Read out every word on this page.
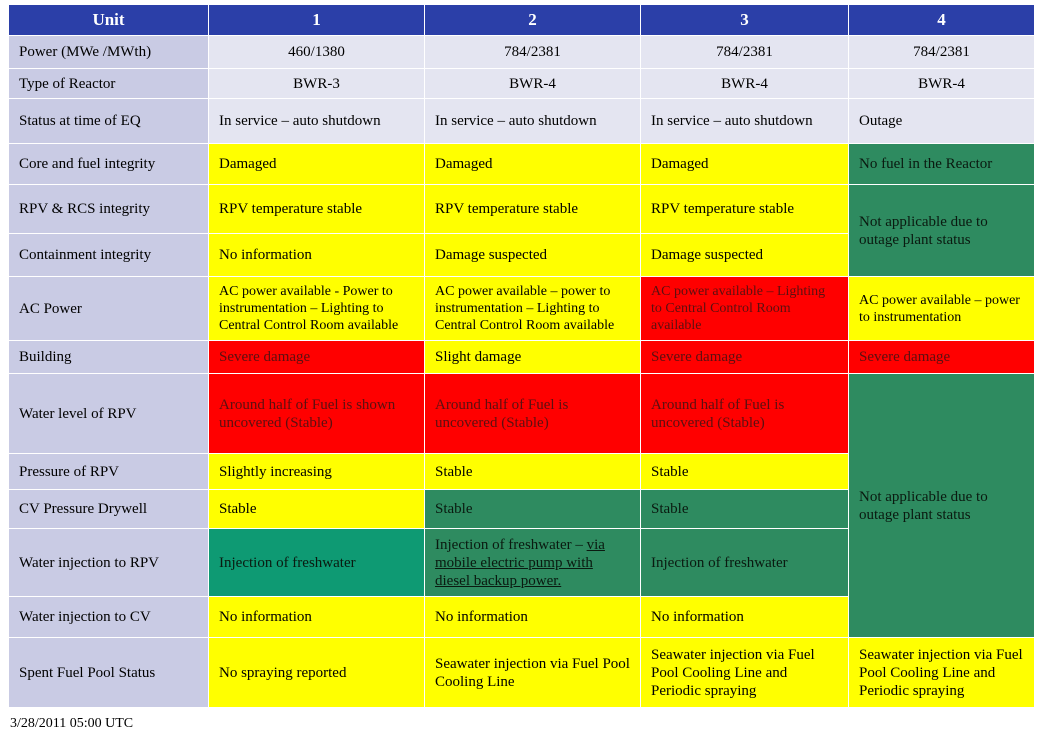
Unit	1	2	3	4
Power (MWe /MWth)	460/1380	784/2381	784/2381	784/2381
Type of Reactor	BWR-3	BWR-4	BWR-4	BWR-4
Status at time of EQ	In service – auto shutdown	In service – auto shutdown	In service – auto shutdown	Outage
Core and fuel integrity	Damaged	Damaged	Damaged	No fuel in the Reactor
RPV & RCS integrity	RPV temperature stable	RPV temperature stable	RPV temperature stable	Not applicable due to outage plant status
Containment integrity	No information	Damage suspected	Damage suspected	
AC Power	AC power available - Power to instrumentation – Lighting to Central Control Room available	AC power available – power to instrumentation – Lighting to Central Control Room available	AC power available – Lighting to Central Control Room available	AC power available – power to instrumentation
Building	Severe damage	Slight damage	Severe damage	Severe damage
Water level of RPV	Around half of Fuel is shown uncovered (Stable)	Around half of Fuel is uncovered (Stable)	Around half of Fuel is uncovered (Stable)	Not applicable due to outage plant status
Pressure of RPV	Slightly increasing	Stable	Stable	
CV Pressure Drywell	Stable	Stable	Stable	
Water injection to RPV	Injection of freshwater	Injection of freshwater – via mobile electric pump with diesel backup power.	Injection of freshwater	
Water injection to CV	No information	No information	No information	
Spent Fuel Pool Status	No spraying reported	Seawater injection via Fuel Pool Cooling Line	Seawater injection via Fuel Pool Cooling Line and Periodic spraying	Seawater injection via Fuel Pool Cooling Line and Periodic spraying
3/28/2011 05:00 UTC
